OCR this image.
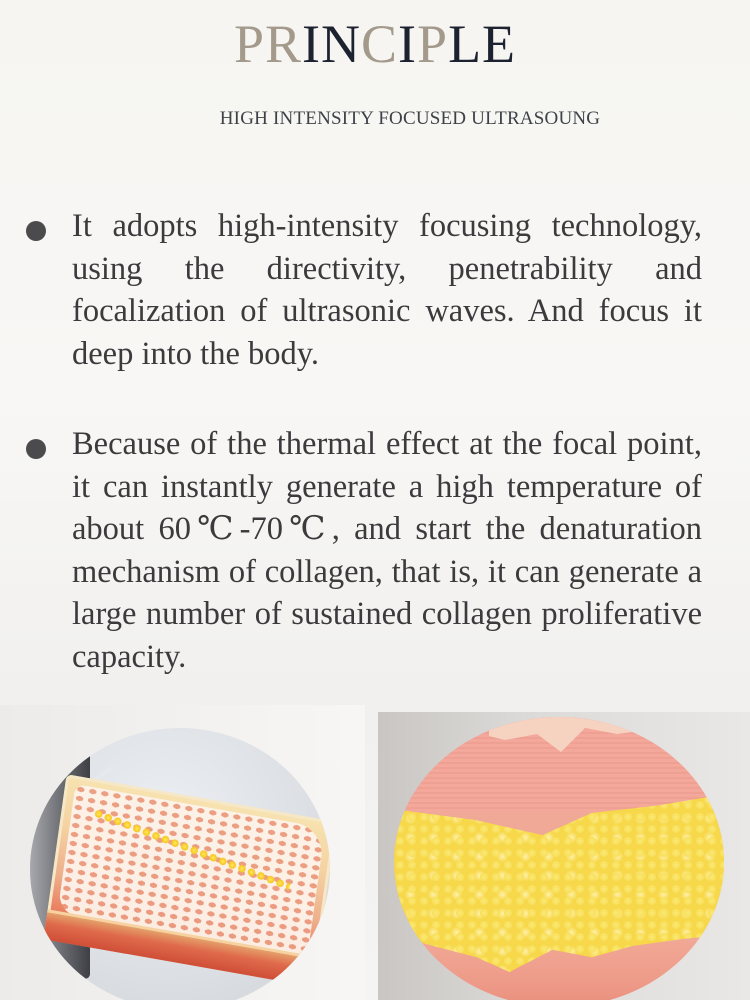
PRINCIPLE
HIGH INTENSITY FOCUSED ULTRASOUNG

It adopts high-intensity focusing technology, using the directivity, penetrability and focalization of ultrasonic waves. And focus it deep into the body.

Because of the thermal effect at the focal point, it can instantly generate a high temperature of about 60℃-70℃, and start the denaturation mechanism of collagen, that is, it can generate a large number of sustained collagen proliferative capacity.
